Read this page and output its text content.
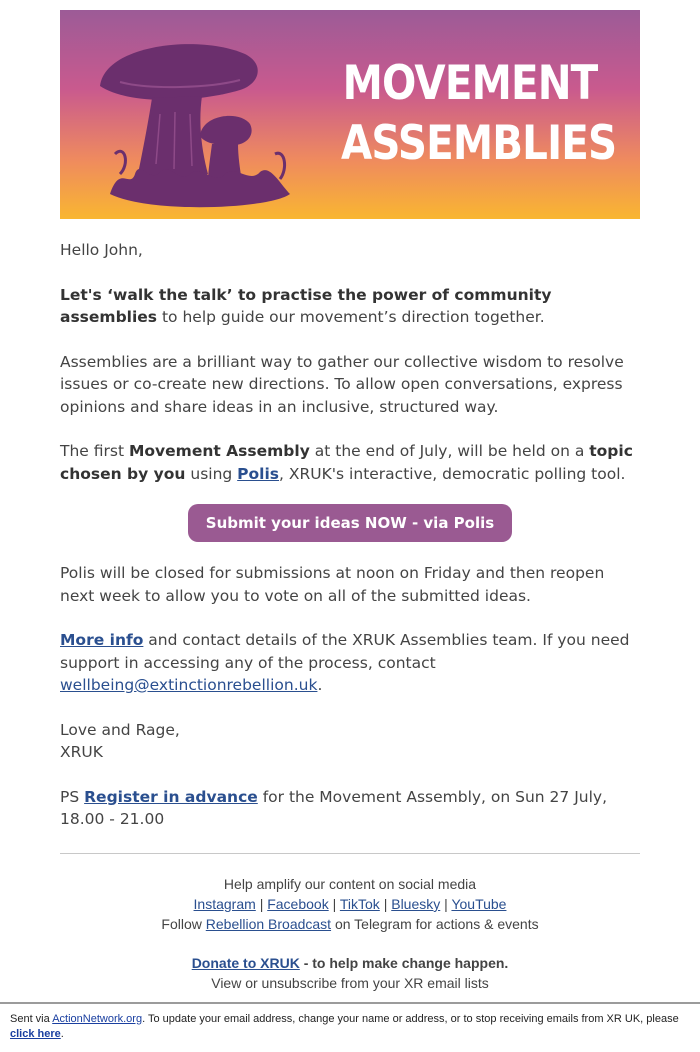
MOVEMENT
ASSEMBLIES

Hello John,

Let's ‘walk the talk’ to practise the power of community assemblies to help guide our movement’s direction together.

Assemblies are a brilliant way to gather our collective wisdom to resolve issues or co-create new directions. To allow open conversations, express opinions and share ideas in an inclusive, structured way.

The first Movement Assembly at the end of July, will be held on a topic chosen by you using Polis, XRUK's interactive, democratic polling tool.

Submit your ideas NOW - via Polis

Polis will be closed for submissions at noon on Friday and then reopen next week to allow you to vote on all of the submitted ideas.

More info and contact details of the XRUK Assemblies team. If you need support in accessing any of the process, contact wellbeing@extinctionrebellion.uk.

Love and Rage,

XRUK

PS Register in advance for the Movement Assembly, on Sun 27 July, 18.00 - 21.00

Help amplify our content on social media
Instagram | Facebook | TikTok | Bluesky | YouTube
Follow Rebellion Broadcast on Telegram for actions & events
Donate to XRUK - to help make change happen.
View or unsubscribe from your XR email lists
Sent via ActionNetwork.org. To update your email address, change your name or address, or to stop receiving emails from XR UK, please click here.
